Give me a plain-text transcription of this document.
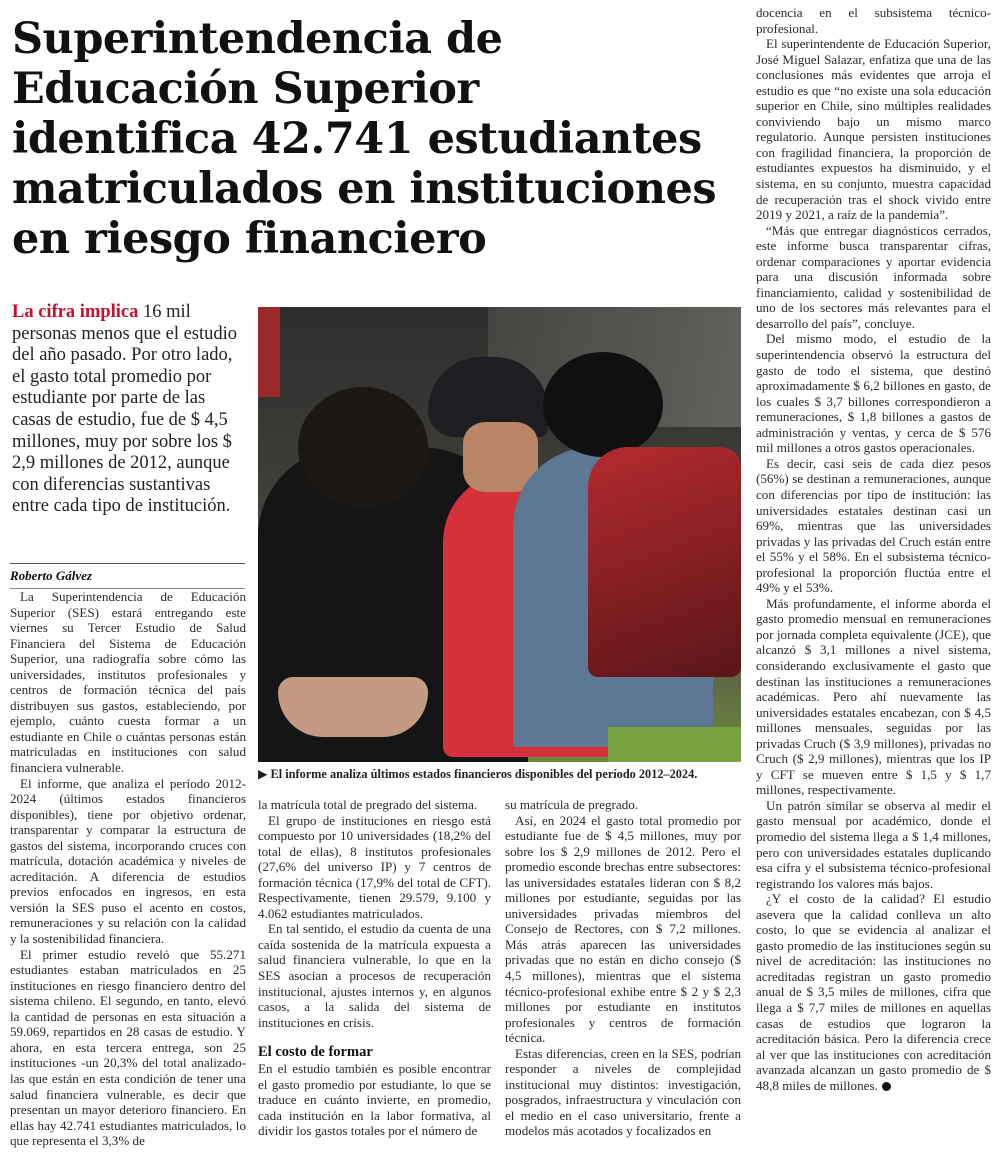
Superintendencia de
Educación Superior
identifica 42.741 estudiantes
matriculados en instituciones
en riesgo financiero

La cifra implica 16 mil personas menos que el estudio del año pasado. Por otro lado, el gasto total promedio por estudiante por parte de las casas de estudio, fue de $ 4,5 millones, muy por sobre los $ 2,9 millones de 2012, aunque con diferencias sustantivas entre cada tipo de institución.

Roberto Gálvez
▶ El informe analiza últimos estados financieros disponibles del período 2012–2024.

La Superintendencia de Educación Superior (SES) estará entregando este viernes su Tercer Estudio de Salud Financiera del Sistema de Educación Superior, una radiografía sobre cómo las universidades, institutos profesionales y centros de formación técnica del país distribuyen sus gastos, estableciendo, por ejemplo, cuánto cuesta formar a un estudiante en Chile o cuántas personas están matriculadas en instituciones con salud financiera vulnerable.

El informe, que analiza el período 2012-2024 (últimos estados financieros disponibles), tiene por objetivo ordenar, transparentar y comparar la estructura de gastos del sistema, incorporando cruces con matrícula, dotación académica y niveles de acreditación. A diferencia de estudios previos enfocados en ingresos, en esta versión la SES puso el acento en costos, remuneraciones y su relación con la calidad y la sostenibilidad financiera.

El primer estudio reveló que 55.271 estudiantes estaban matriculados en 25 instituciones en riesgo financiero dentro del sistema chileno. El segundo, en tanto, elevó la cantidad de personas en esta situación a 59.069, repartidos en 28 casas de estudio. Y ahora, en esta tercera entrega, son 25 instituciones -un 20,3% del total analizado- las que están en esta condición de tener una salud financiera vulnerable, es decir que presentan un mayor deterioro financiero. En ellas hay 42.741 estudiantes matriculados, lo que representa el 3,3% de

la matrícula total de pregrado del sistema.

El grupo de instituciones en riesgo está compuesto por 10 universidades (18,2% del total de ellas), 8 institutos profesionales (27,6% del universo IP) y 7 centros de formación técnica (17,9% del total de CFT). Respectivamente, tienen 29.579, 9.100 y 4.062 estudiantes matriculados.

En tal sentido, el estudio da cuenta de una caída sostenida de la matrícula expuesta a salud financiera vulnerable, lo que en la SES asocian a procesos de recuperación institucional, ajustes internos y, en algunos casos, a la salida del sistema de instituciones en crisis.

El costo de formar

En el estudio también es posible encontrar el gasto promedio por estudiante, lo que se traduce en cuánto invierte, en promedio, cada institución en la labor formativa, al dividir los gastos totales por el número de

su matrícula de pregrado.

Así, en 2024 el gasto total promedio por estudiante fue de $ 4,5 millones, muy por sobre los $ 2,9 millones de 2012. Pero el promedio esconde brechas entre subsectores: las universidades estatales lideran con $ 8,2 millones por estudiante, seguidas por las universidades privadas miembros del Consejo de Rectores, con $ 7,2 millones. Más atrás aparecen las universidades privadas que no están en dicho consejo ($ 4,5 millones), mientras que el sistema técnico-profesional exhibe entre $ 2 y $ 2,3 millones por estudiante en institutos profesionales y centros de formación técnica.

Estas diferencias, creen en la SES, podrían responder a niveles de complejidad institucional muy distintos: investigación, posgrados, infraestructura y vinculación con el medio en el caso universitario, frente a modelos más acotados y focalizados en

docencia en el subsistema técnico-profesional.

El superintendente de Educación Superior, José Miguel Salazar, enfatiza que una de las conclusiones más evidentes que arroja el estudio es que “no existe una sola educación superior en Chile, sino múltiples realidades conviviendo bajo un mismo marco regulatorio. Aunque persisten instituciones con fragilidad financiera, la proporción de estudiantes expuestos ha disminuido, y el sistema, en su conjunto, muestra capacidad de recuperación tras el shock vivido entre 2019 y 2021, a raíz de la pandemia”.

“Más que entregar diagnósticos cerrados, este informe busca transparentar cifras, ordenar comparaciones y aportar evidencia para una discusión informada sobre financiamiento, calidad y sostenibilidad de uno de los sectores más relevantes para el desarrollo del país”, concluye.

Del mismo modo, el estudio de la superintendencia observó la estructura del gasto de todo el sistema, que destinó aproximadamente $ 6,2 billones en gasto, de los cuales $ 3,7 billones correspondieron a remuneraciones, $ 1,8 billones a gastos de administración y ventas, y cerca de $ 576 mil millones a otros gastos operacionales.

Es decir, casi seis de cada diez pesos (56%) se destinan a remuneraciones, aunque con diferencias por tipo de institución: las universidades estatales destinan casi un 69%, mientras que las universidades privadas y las privadas del Cruch están entre el 55% y el 58%. En el subsistema técnico-profesional la proporción fluctúa entre el 49% y el 53%.

Más profundamente, el informe aborda el gasto promedio mensual en remuneraciones por jornada completa equivalente (JCE), que alcanzó $ 3,1 millones a nivel sistema, considerando exclusivamente el gasto que destinan las instituciones a remuneraciones académicas. Pero ahí nuevamente las universidades estatales encabezan, con $ 4,5 millones mensuales, seguidas por las privadas Cruch ($ 3,9 millones), privadas no Cruch ($ 2,9 millones), mientras que los IP y CFT se mueven entre $ 1,5 y $ 1,7 millones, respectivamente.

Un patrón similar se observa al medir el gasto mensual por académico, donde el promedio del sistema llega a $ 1,4 millones, pero con universidades estatales duplicando esa cifra y el subsistema técnico-profesional registrando los valores más bajos.

¿Y el costo de la calidad? El estudio asevera que la calidad conlleva un alto costo, lo que se evidencia al analizar el gasto promedio de las instituciones según su nivel de acreditación: las instituciones no acreditadas registran un gasto promedio anual de $ 3,5 miles de millones, cifra que llega a $ 7,7 miles de millones en aquellas casas de estudios que lograron la acreditación básica. Pero la diferencia crece al ver que las instituciones con acreditación avanzada alcanzan un gasto promedio de $ 48,8 miles de millones.
